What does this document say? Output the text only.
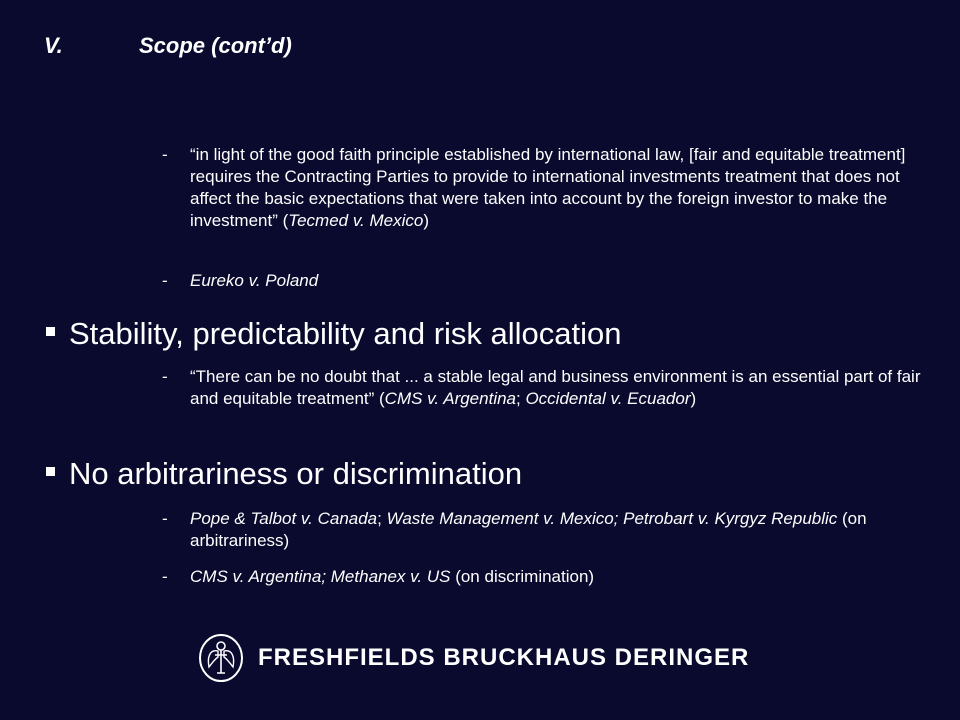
V.	Scope (cont’d)
- “in light of the good faith principle established by international law, [fair and equitable treatment] requires the Contracting Parties to provide to international investments treatment that does not affect the basic expectations that were taken into account by the foreign investor to make the investment” (Tecmed v. Mexico)
- Eureko v. Poland
Stability, predictability and risk allocation
- “There can be no doubt that ... a stable legal and business environment is an essential part of fair and equitable treatment” (CMS v. Argentina; Occidental v. Ecuador)
No arbitrariness or discrimination
- Pope & Talbot v. Canada; Waste Management v. Mexico; Petrobart v. Kyrgyz Republic (on arbitrariness)
- CMS v. Argentina; Methanex v. US (on discrimination)
FRESHFIELDS BRUCKHAUS DERINGER
